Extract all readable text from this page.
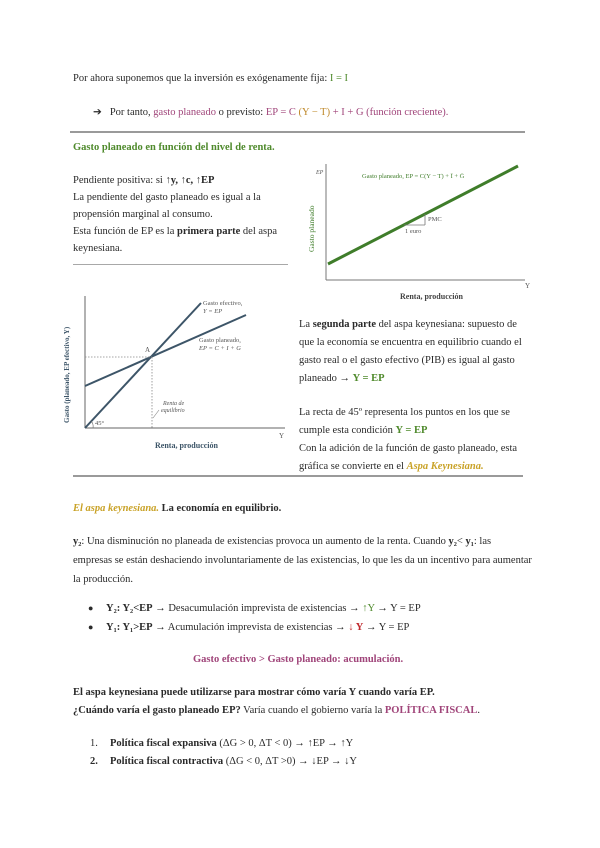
Por ahora suponemos que la inversión es exógenamente fija: I = I
➔ Por tanto, gasto planeado o previsto: EP = C (Y − T) + I + G (función creciente).
Gasto planeado en función del nivel de renta.
Pendiente positiva: si ↑y, ↑c, ↑EP
La pendiente del gasto planeado es igual a la
propensión marginal al consumo.
Esta función de EP es la primera parte del aspa
keynesiana.
EP
Y
Gasto planeado
Renta, producción
Gasto planeado, EP = C(Y − T) + Ī + Ḡ
PMC
1 euro
Gasto (planeado, EP efectivo, Y)
Y
Renta, producción
A
Gasto efectivo,
Y = EP
Gasto planeado,
EP = C + I + G
Renta de
equilibrio
45°
La segunda parte del aspa keynesiana: supuesto de
que la economía se encuentra en equilibrio cuando el
gasto real o el gasto efectivo (PIB) es igual al gasto
planeado → Y = EP
La recta de 45º representa los puntos en los que se
cumple esta condición Y = EP
Con la adición de la función de gasto planeado, esta
gráfica se convierte en el Aspa Keynesiana.
El aspa keynesiana. La economía en equilibrio.
y₂: Una disminución no planeada de existencias provoca un aumento de la renta. Cuando y₂< y₁: las
empresas se están deshaciendo involuntariamente de las existencias, lo que les da un incentivo para aumentar
la producción.
● Y₂: Y₂<EP → Desacumulación imprevista de existencias → ↑Y → Y = EP
● Y₁: Y₁>EP → Acumulación imprevista de existencias → ↓ Y → Y = EP
Gasto efectivo > Gasto planeado: acumulación.
El aspa keynesiana puede utilizarse para mostrar cómo varía Y cuando varía EP.
¿Cuándo varía el gasto planeado EP? Varía cuando el gobierno varía la POLÍTICA FISCAL.
1. Política fiscal expansiva (ΔG > 0, ΔT < 0) → ↑EP → ↑Y
2. Política fiscal contractiva (ΔG < 0, ΔT >0) → ↓EP → ↓Y
